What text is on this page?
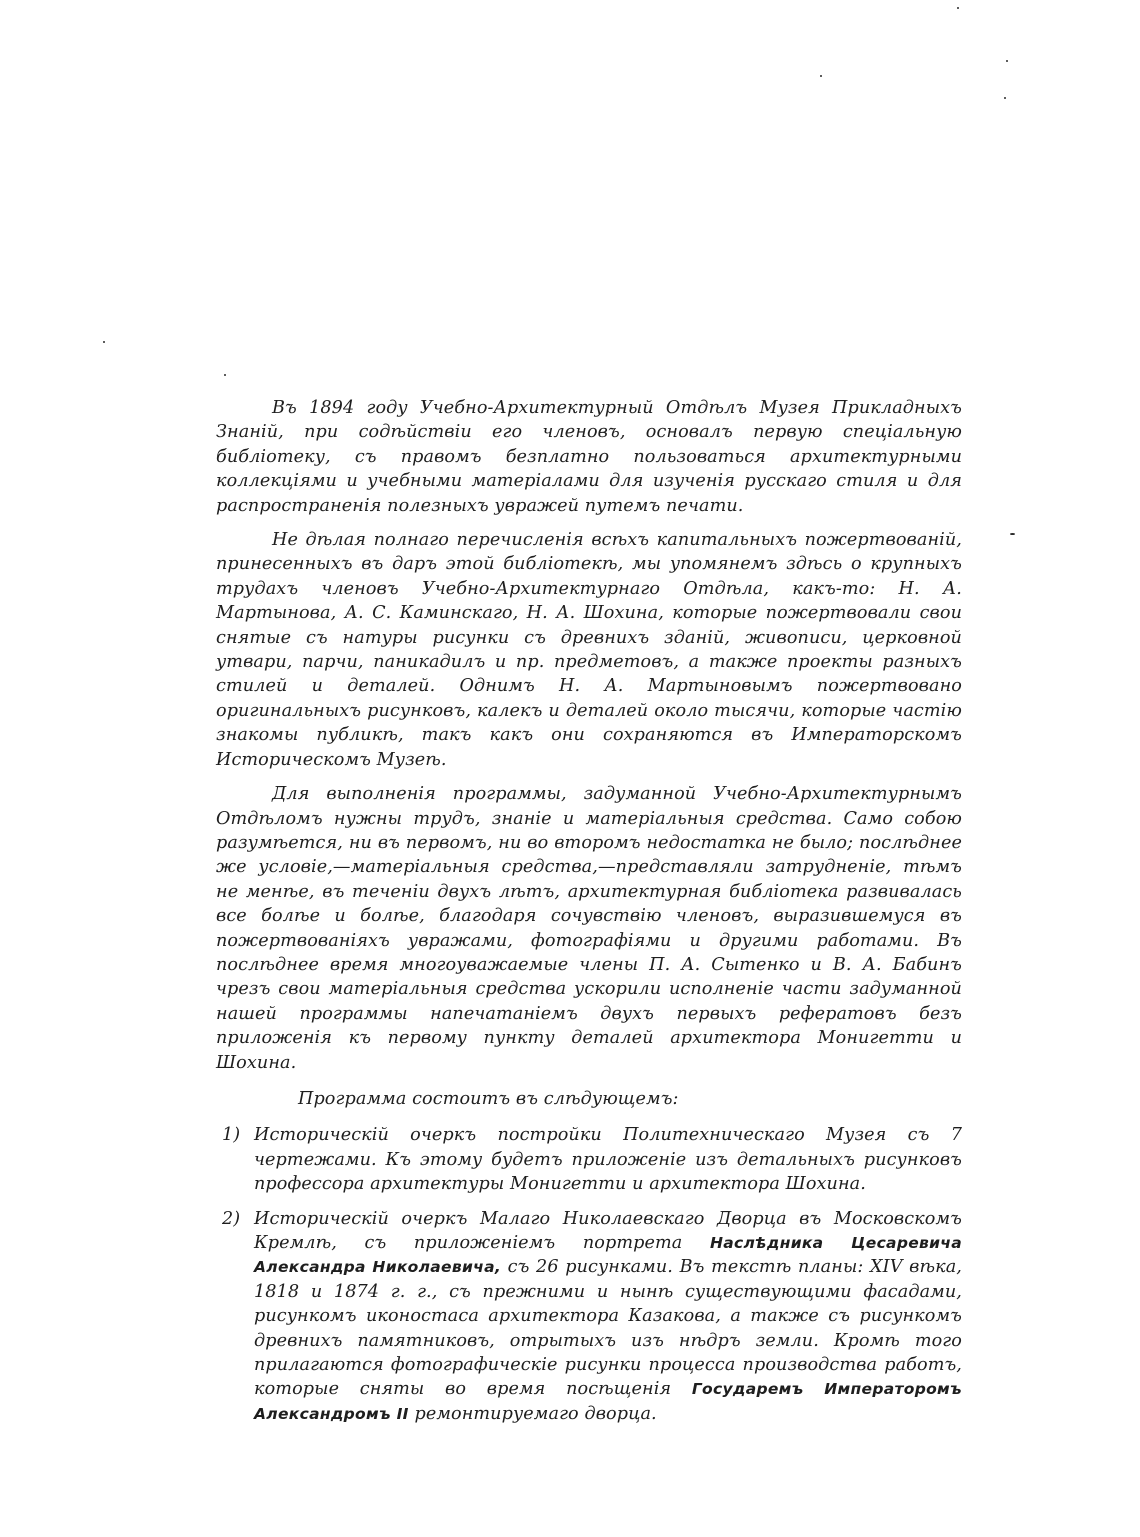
Въ 1894 году Учебно-Архитектурный Отдѣлъ Музея Прикладныхъ Знаній, при содѣйствіи его членовъ, основалъ первую спеціальную библіотеку, съ правомъ безплатно пользоваться архитектурными коллекціями и учебными матеріалами для изученія русскаго стиля и для распространенія полезныхъ увражей путемъ печати.

Не дѣлая полнаго перечисленія всѣхъ капитальныхъ пожертвованій, принесенныхъ въ даръ этой библіотекѣ, мы упомянемъ здѣсь о крупныхъ трудахъ членовъ Учебно-Архитектурнаго Отдѣла, какъ-то: Н. А. Мартынова, А. С. Каминскаго, Н. А. Шохина, которые пожертвовали свои снятые съ натуры рисунки съ древнихъ зданій, живописи, церковной утвари, парчи, паникадилъ и пр. предметовъ, а также проекты разныхъ стилей и деталей. Однимъ Н. А. Мартыновымъ пожертвовано оригинальныхъ рисунковъ, калекъ и деталей около тысячи, которые частію знакомы публикѣ, такъ какъ они сохраняются въ Императорскомъ Историческомъ Музеѣ.

Для выполненія программы, задуманной Учебно-Архитектурнымъ Отдѣломъ нужны трудъ, знаніе и матеріальныя средства. Само собою разумѣется, ни въ первомъ, ни во второмъ недостатка не было; послѣднее же условіе,—матеріальныя средства,—представляли затрудненіе, тѣмъ не менѣе, въ теченіи двухъ лѣтъ, архитектурная библіотека развивалась все болѣе и болѣе, благодаря сочувствію членовъ, выразившемуся въ пожертвованіяхъ увражами, фотографіями и другими работами. Въ послѣднее время многоуважаемые члены П. А. Сытенко и В. А. Бабинъ чрезъ свои матеріальныя средства ускорили исполненіе части задуманной нашей программы напечатаніемъ двухъ первыхъ рефератовъ безъ приложенія къ первому пункту деталей архитектора Монигетти и Шохина.

Программа состоитъ въ слѣдующемъ:

1) Историческій очеркъ постройки Политехническаго Музея съ 7 чертежами. Къ этому будетъ приложеніе изъ детальныхъ рисунковъ профессора архитектуры Монигетти и архитектора Шохина.
2) Историческій очеркъ Малаго Николаевскаго Дворца въ Московскомъ Кремлѣ, съ приложеніемъ портрета Наслѣдника Цесаревича Александра Николаевича, съ 26 рисунками. Въ текстѣ планы: XIV вѣка, 1818 и 1874 г. г., съ прежними и нынѣ существующими фасадами, рисункомъ иконостаса архитектора Казакова, а также съ рисункомъ древнихъ памятниковъ, отрытыхъ изъ нѣдръ земли. Кромѣ того прилагаются фотографическіе рисунки процесса производства работъ, которые сняты во время посѣщенія Государемъ Императоромъ Александромъ II ремонтируемаго дворца.
